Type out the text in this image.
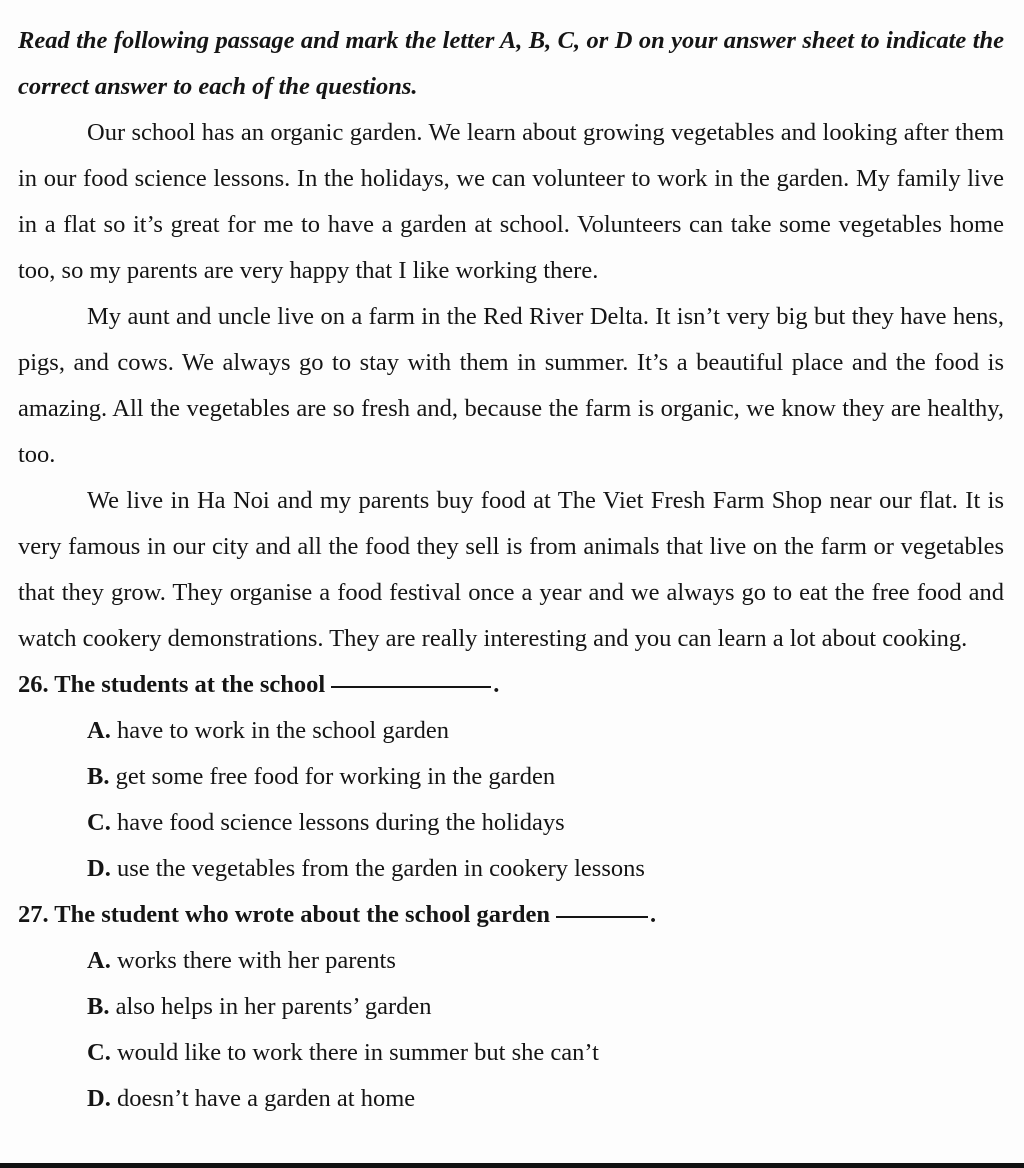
Read the following passage and mark the letter A, B, C, or D on your answer sheet to indicate the correct answer to each of the questions.

Our school has an organic garden. We learn about growing vegetables and looking after them in our food science lessons. In the holidays, we can volunteer to work in the garden. My family live in a flat so it’s great for me to have a garden at school. Volunteers can take some vegetables home too, so my parents are very happy that I like working there.

My aunt and uncle live on a farm in the Red River Delta. It isn’t very big but they have hens, pigs, and cows. We always go to stay with them in summer. It’s a beautiful place and the food is amazing. All the vegetables are so fresh and, because the farm is organic, we know they are healthy, too.

We live in Ha Noi and my parents buy food at The Viet Fresh Farm Shop near our flat. It is very famous in our city and all the food they sell is from animals that live on the farm or vegetables that they grow. They organise a food festival once a year and we always go to eat the free food and watch cookery demonstrations. They are really interesting and you can learn a lot about cooking.

26. The students at the school	.

A. have to work in the school garden
B. get some free food for working in the garden
C. have food science lessons during the holidays
D. use the vegetables from the garden in cookery lessons

27. The student who wrote about the school garden	.

A. works there with her parents
B. also helps in her parents’ garden
C. would like to work there in summer but she can’t
D. doesn’t have a garden at home
